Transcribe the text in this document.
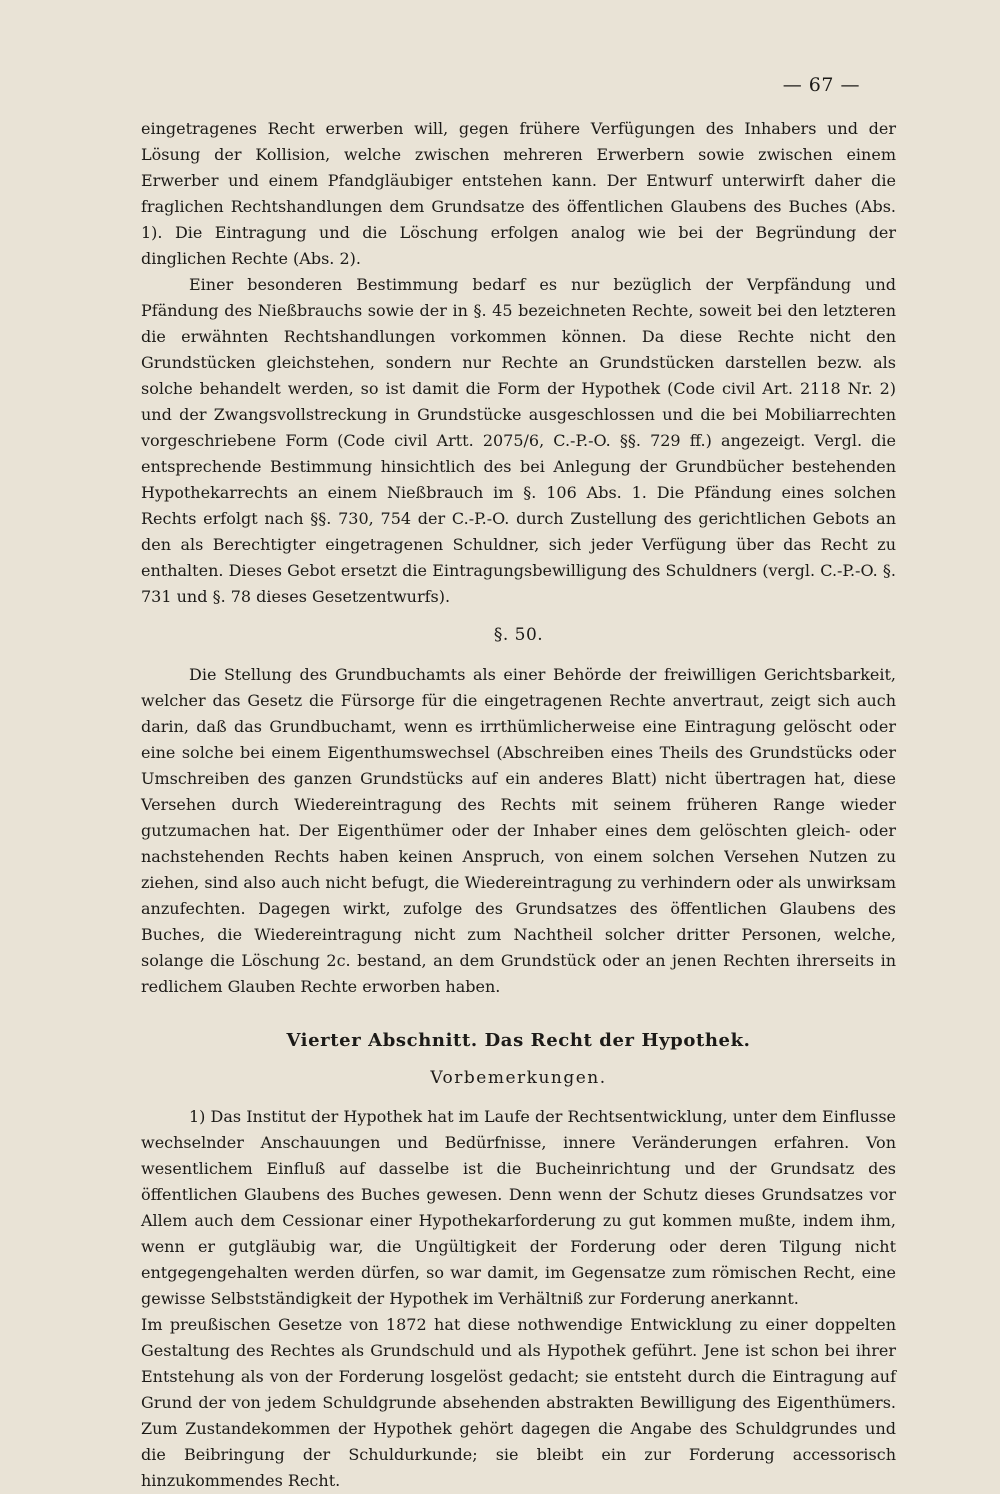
— 67 —

eingetragenes Recht erwerben will, gegen frühere Verfügungen des Inhabers und der Lösung der Kollision, welche zwischen mehreren Erwerbern sowie zwischen einem Erwerber und einem Pfandgläubiger entstehen kann. Der Entwurf unterwirft daher die fraglichen Rechtshandlungen dem Grundsatze des öffentlichen Glaubens des Buches (Abs. 1). Die Eintragung und die Löschung erfolgen analog wie bei der Begründung der dinglichen Rechte (Abs. 2).

Einer besonderen Bestimmung bedarf es nur bezüglich der Verpfändung und Pfändung des Nießbrauchs sowie der in §. 45 bezeichneten Rechte, soweit bei den letzteren die erwähnten Rechtshandlungen vorkommen können. Da diese Rechte nicht den Grundstücken gleichstehen, sondern nur Rechte an Grundstücken darstellen bezw. als solche behandelt werden, so ist damit die Form der Hypothek (Code civil Art. 2118 Nr. 2) und der Zwangsvollstreckung in Grundstücke ausgeschlossen und die bei Mobiliarrechten vorgeschriebene Form (Code civil Artt. 2075/6, C.-P.-O. §§. 729 ff.) angezeigt. Vergl. die entsprechende Bestimmung hinsichtlich des bei Anlegung der Grundbücher bestehenden Hypothekarrechts an einem Nießbrauch im §. 106 Abs. 1. Die Pfändung eines solchen Rechts erfolgt nach §§. 730, 754 der C.-P.-O. durch Zustellung des gerichtlichen Gebots an den als Berechtigter eingetragenen Schuldner, sich jeder Verfügung über das Recht zu enthalten. Dieses Gebot ersetzt die Eintragungsbewilligung des Schuldners (vergl. C.-P.-O. §. 731 und §. 78 dieses Gesetzentwurfs).

§. 50.

Die Stellung des Grundbuchamts als einer Behörde der freiwilligen Gerichtsbarkeit, welcher das Gesetz die Fürsorge für die eingetragenen Rechte anvertraut, zeigt sich auch darin, daß das Grundbuchamt, wenn es irrthümlicherweise eine Eintragung gelöscht oder eine solche bei einem Eigenthumswechsel (Abschreiben eines Theils des Grundstücks oder Umschreiben des ganzen Grundstücks auf ein anderes Blatt) nicht übertragen hat, diese Versehen durch Wiedereintragung des Rechts mit seinem früheren Range wieder gutzumachen hat. Der Eigenthümer oder der Inhaber eines dem gelöschten gleich- oder nachstehenden Rechts haben keinen Anspruch, von einem solchen Versehen Nutzen zu ziehen, sind also auch nicht befugt, die Wiedereintragung zu verhindern oder als unwirksam anzufechten. Dagegen wirkt, zufolge des Grundsatzes des öffentlichen Glaubens des Buches, die Wiedereintragung nicht zum Nachtheil solcher dritter Personen, welche, solange die Löschung 2c. bestand, an dem Grundstück oder an jenen Rechten ihrerseits in redlichem Glauben Rechte erworben haben.

Vierter Abschnitt. Das Recht der Hypothek.
Vorbemerkungen.

1) Das Institut der Hypothek hat im Laufe der Rechtsentwicklung, unter dem Einflusse wechselnder Anschauungen und Bedürfnisse, innere Veränderungen erfahren. Von wesentlichem Einfluß auf dasselbe ist die Bucheinrichtung und der Grundsatz des öffentlichen Glaubens des Buches gewesen. Denn wenn der Schutz dieses Grundsatzes vor Allem auch dem Cessionar einer Hypothekarforderung zu gut kommen mußte, indem ihm, wenn er gutgläubig war, die Ungültigkeit der Forderung oder deren Tilgung nicht entgegengehalten werden dürfen, so war damit, im Gegensatze zum römischen Recht, eine gewisse Selbstständigkeit der Hypothek im Verhältniß zur Forderung anerkannt.

Im preußischen Gesetze von 1872 hat diese nothwendige Entwicklung zu einer doppelten Gestaltung des Rechtes als Grundschuld und als Hypothek geführt. Jene ist schon bei ihrer Entstehung als von der Forderung losgelöst gedacht; sie entsteht durch die Eintragung auf Grund der von jedem Schuldgrunde absehenden abstrakten Bewilligung des Eigenthümers. Zum Zustandekommen der Hypothek gehört dagegen die Angabe des Schuldgrundes und die Beibringung der Schuldurkunde; sie bleibt ein zur Forderung accessorisch hinzukommendes Recht.
